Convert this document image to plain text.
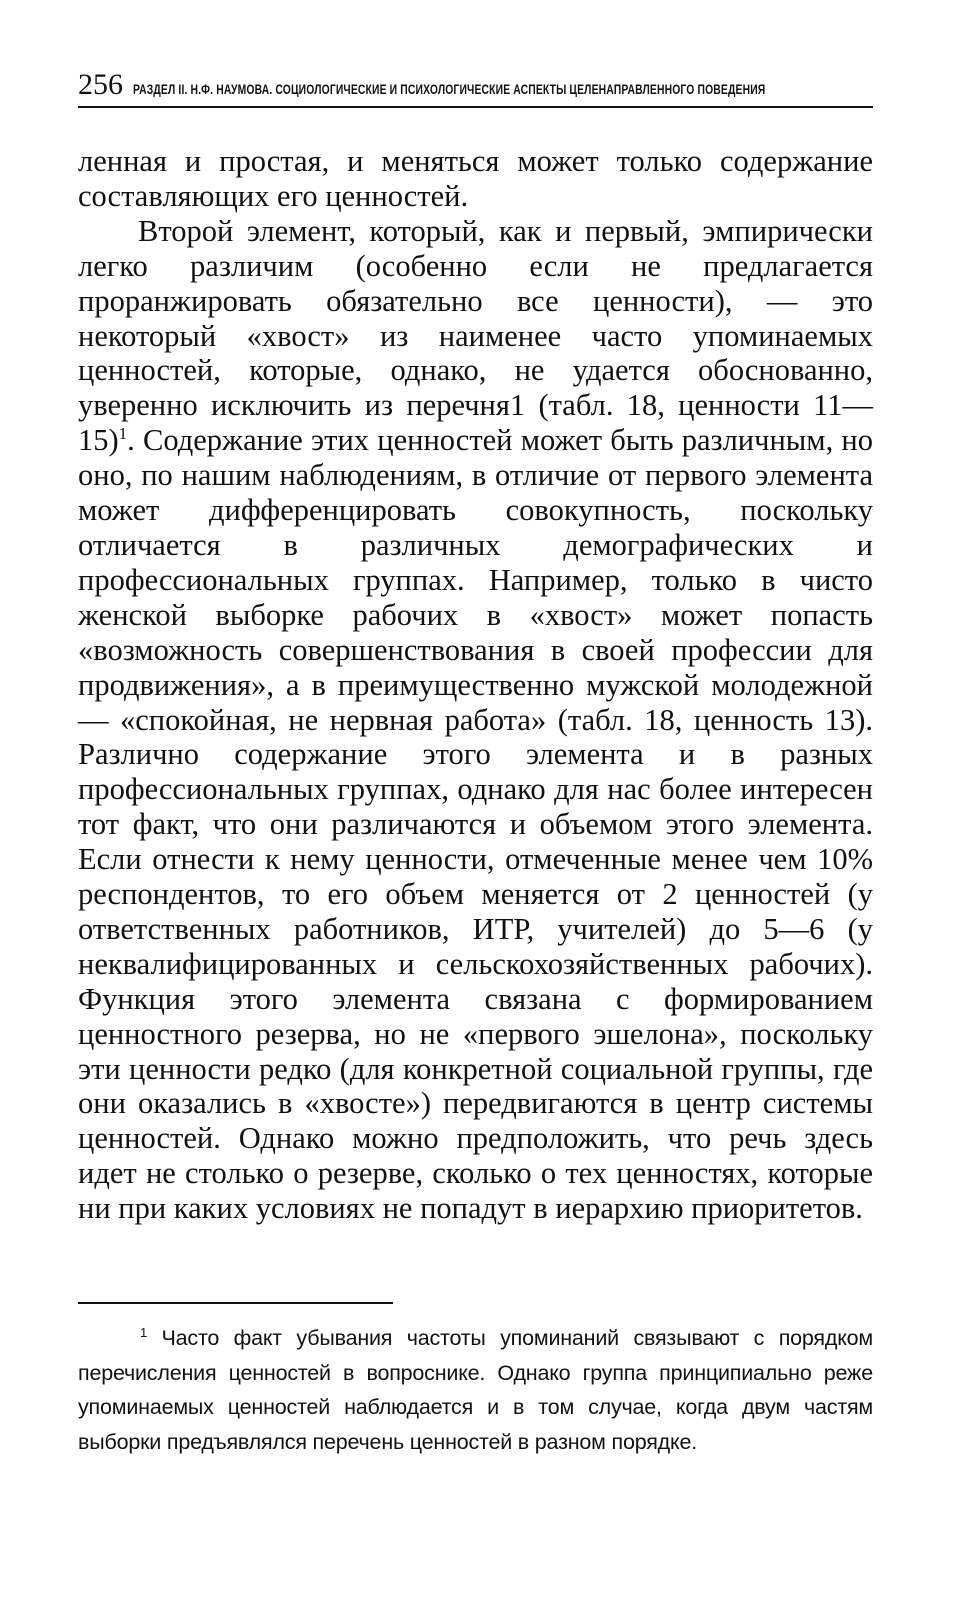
256 РАЗДЕЛ II. Н.Ф. НАУМОВА. СОЦИОЛОГИЧЕСКИЕ И ПСИХОЛОГИЧЕСКИЕ АСПЕКТЫ ЦЕЛЕНАПРАВЛЕННОГО ПОВЕДЕНИЯ

ленная и простая, и меняться может только содержание составляющих его ценностей.

Второй элемент, который, как и первый, эмпирически легко различим (особенно если не предлагается проранжировать обязательно все ценности), — это некоторый «хвост» из наименее часто упоминаемых ценностей, которые, однако, не удается обоснованно, уверенно исключить из перечня1 (табл. 18, ценности 11—15)$^1$. Содержание этих ценностей может быть различным, но оно, по нашим наблюдениям, в отличие от первого элемента может дифференцировать совокупность, поскольку отличается в различных демографических и профессиональных группах. Например, только в чисто женской выборке рабочих в «хвост» может попасть «возможность совершенствования в своей профессии для продвижения», а в преимущественно мужской молодежной — «спокойная, не нервная работа» (табл. 18, ценность 13). Различно содержание этого элемента и в разных профессиональных группах, однако для нас более интересен тот факт, что они различаются и объемом этого элемента. Если отнести к нему ценности, отмеченные менее чем 10% респондентов, то его объем меняется от 2 ценностей (у ответственных работников, ИТР, учителей) до 5—6 (у неквалифицированных и сельскохозяйственных рабочих). Функция этого элемента связана с формированием ценностного резерва, но не «первого эшелона», поскольку эти ценности редко (для конкретной социальной группы, где они оказались в «хвосте») передвигаются в центр системы ценностей. Однако можно предположить, что речь здесь идет не столько о резерве, сколько о тех ценностях, которые ни при каких условиях не попадут в иерархию приоритетов.

$^1$ Часто факт убывания частоты упоминаний связывают с порядком перечисления ценностей в вопроснике. Однако группа принципиально реже упоминаемых ценностей наблюдается и в том случае, когда двум частям выборки предъявлялся перечень ценностей в разном порядке.
